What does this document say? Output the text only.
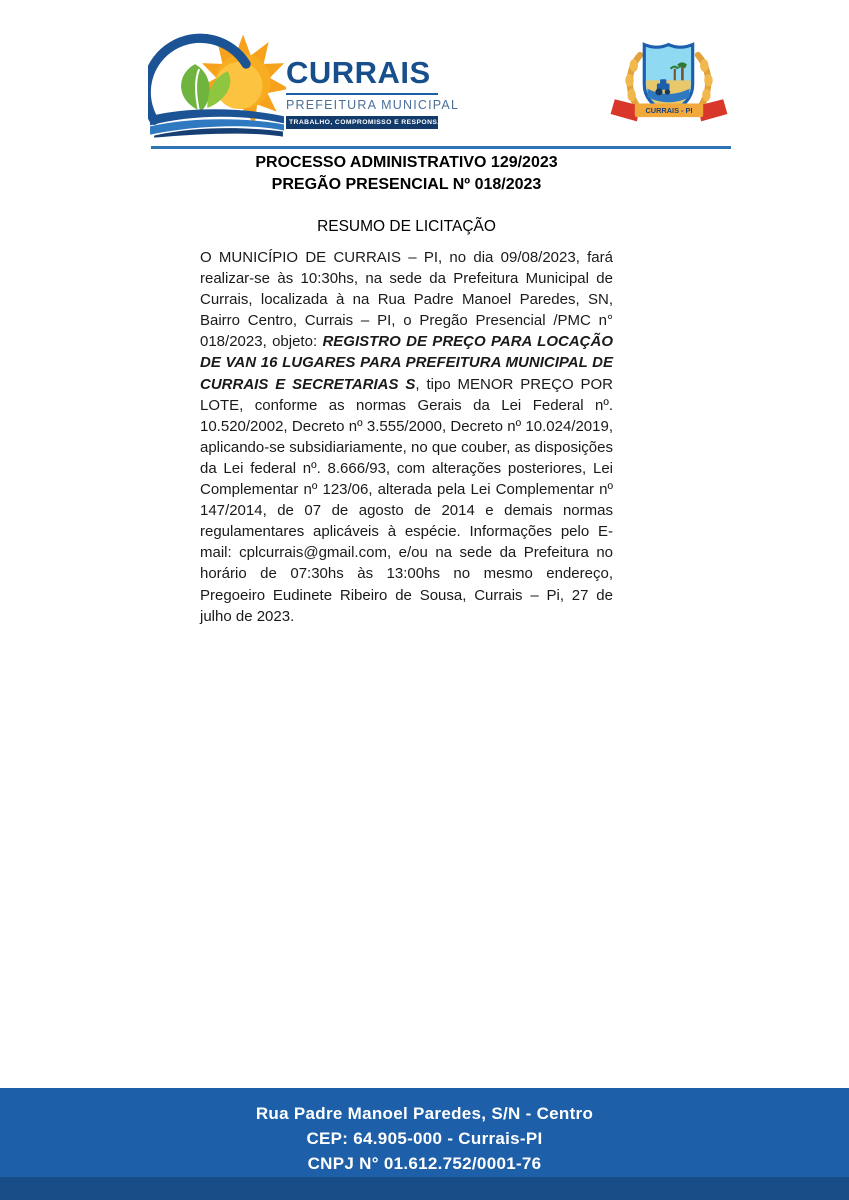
CURRAIS
PREFEITURA MUNICIPAL
TRABALHO, COMPROMISSO E RESPONSABILIDADE
CURRAIS - PI
PROCESSO ADMINISTRATIVO 129/2023
PREGÃO PRESENCIAL Nº 018/2023
RESUMO DE LICITAÇÃO

O MUNICÍPIO DE CURRAIS – PI, no dia 09/08/2023, fará realizar-se às 10:30hs, na sede da Prefeitura Municipal de Currais, localizada à na Rua Padre Manoel Paredes, SN, Bairro Centro, Currais – PI, o Pregão Presencial /PMC n° 018/2023, objeto: REGISTRO DE PREÇO PARA LOCAÇÃO DE VAN 16 LUGARES PARA PREFEITURA MUNICIPAL DE CURRAIS E SECRETARIAS S, tipo MENOR PREÇO POR LOTE, conforme as normas Gerais da Lei Federal nº. 10.520/2002, Decreto nº 3.555/2000, Decreto nº 10.024/2019, aplicando-se subsidiariamente, no que couber, as disposições da Lei federal nº. 8.666/93, com alterações posteriores, Lei Complementar nº 123/06, alterada pela Lei Complementar nº 147/2014, de 07 de agosto de 2014 e demais normas regulamentares aplicáveis à espécie. Informações pelo E-mail: cplcurrais@gmail.com, e/ou na sede da Prefeitura no horário de 07:30hs às 13:00hs no mesmo endereço, Pregoeiro Eudinete Ribeiro de Sousa, Currais – Pi, 27 de julho de 2023.

Rua Padre Manoel Paredes, S/N - Centro
CEP: 64.905-000 - Currais-PI
CNPJ N° 01.612.752/0001-76
